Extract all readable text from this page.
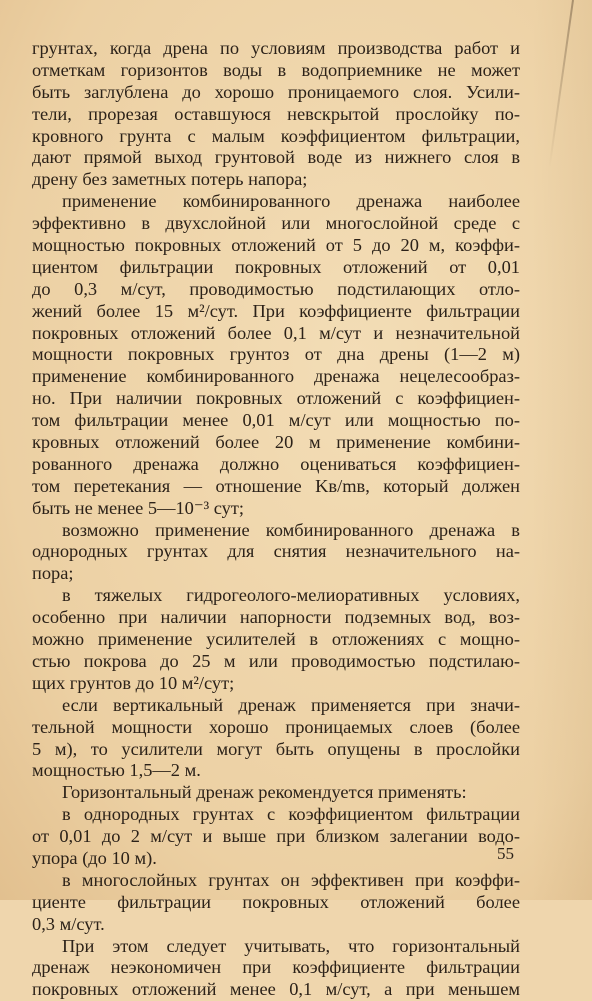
грунтах, когда дрена по условиям производства работ и
отметкам горизонтов воды в водоприемнике не может
быть заглублена до хорошо проницаемого слоя. Усили-
тели, прорезая оставшуюся невскрытой прослойку по-
кровного грунта с малым коэффициентом фильтрации,
дают прямой выход грунтовой воде из нижнего слоя в
дрену без заметных потерь напора;
применение комбинированного дренажа наиболее
эффективно в двухслойной или многослойной среде с
мощностью покровных отложений от 5 до 20 м, коэффи-
циентом фильтрации покровных отложений от 0,01
до 0,3 м/сут, проводимостью подстилающих отло-
жений более 15 м²/сут. При коэффициенте фильтрации
покровных отложений более 0,1 м/сут и незначительной
мощности покровных грунтоз от дна дрены (1—2 м)
применение комбинированного дренажа нецелесообраз-
но. При наличии покровных отложений с коэффициен-
том фильтрации менее 0,01 м/сут или мощностью по-
кровных отложений более 20 м применение комбини-
рованного дренажа должно оцениваться коэффициен-
том перетекания — отношение Kв/mв, который должен
быть не менее 5—10⁻³ сут;
возможно применение комбинированного дренажа в
однородных грунтах для снятия незначительного на-
пора;
в тяжелых гидрогеолого-мелиоративных условиях,
особенно при наличии напорности подземных вод, воз-
можно применение усилителей в отложениях с мощно-
стью покрова до 25 м или проводимостью подстилаю-
щих грунтов до 10 м²/сут;
если вертикальный дренаж применяется при значи-
тельной мощности хорошо проницаемых слоев (более
5 м), то усилители могут быть опущены в прослойки
мощностью 1,5—2 м.
Горизонтальный дренаж рекомендуется применять:
в однородных грунтах с коэффициентом фильтрации
от 0,01 до 2 м/сут и выше при близком залегании водо-
упора (до 10 м).
в многослойных грунтах он эффективен при коэффи-
циенте фильтрации покровных отложений более
0,3 м/сут.
При этом следует учитывать, что горизонтальный
дренаж неэкономичен при коэффициенте фильтрации
покровных отложений менее 0,1 м/сут, а при меньшем
55
